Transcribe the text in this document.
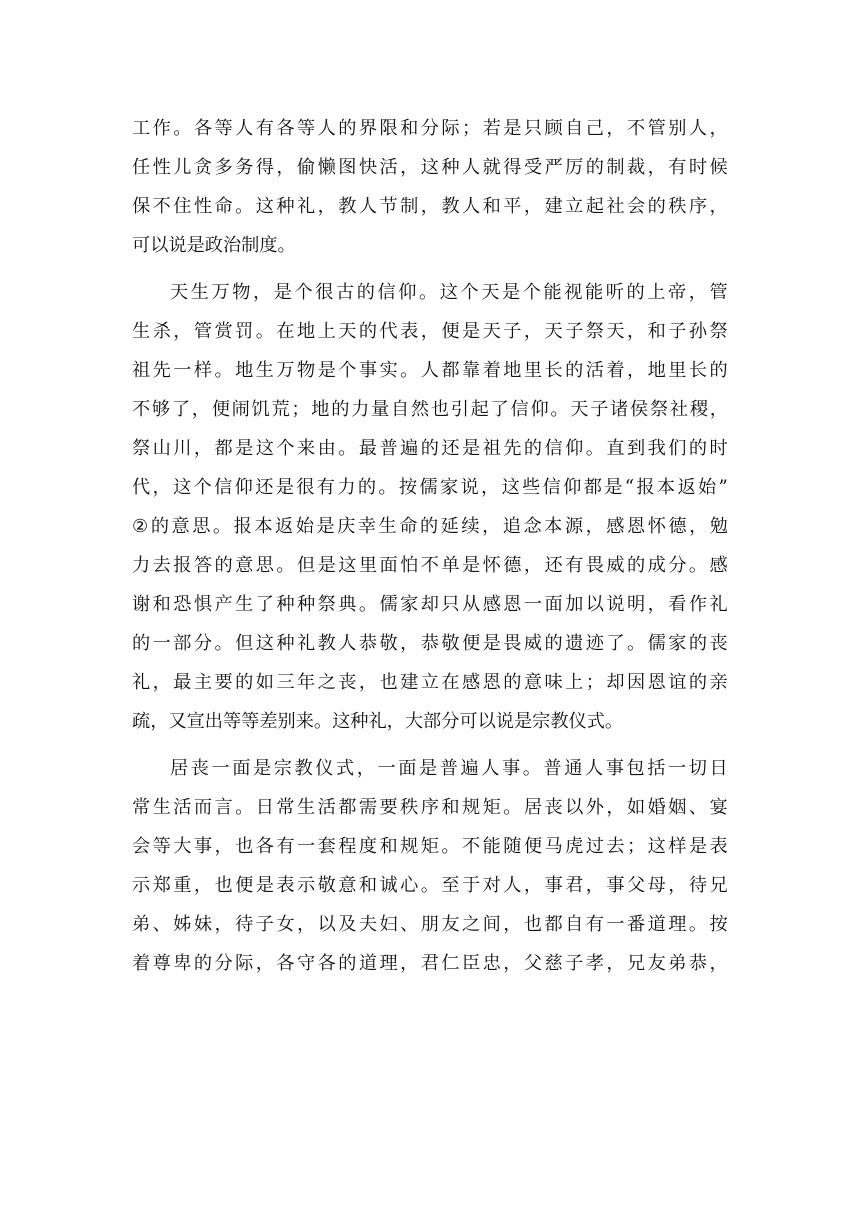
工 作 。 各 等 人 有 各 等 人 的 界 限 和 分 际 ； 若 是 只 顾 自 己 ， 不 管 别 人 ，

任 性 儿 贪 多 务 得 ， 偷 懒 图 快 活 ， 这 种 人 就 得 受 严 厉 的 制 裁 ， 有 时 候

保 不 住 性 命 。 这 种 礼 ， 教 人 节 制 ， 教 人 和 平 ， 建 立 起 社 会 的 秩 序 ，

可以说是政治制度。

天 生 万 物 ， 是 个 很 古 的 信 仰 。 这 个 天 是 个 能 视 能 听 的 上 帝 ， 管

生 杀 ， 管 赏 罚 。 在 地 上 天 的 代 表 ， 便 是 天 子 ， 天 子 祭 天 ， 和 子 孙 祭

祖 先 一 样 。 地 生 万 物 是 个 事 实 。 人 都 靠 着 地 里 长 的 活 着 ， 地 里 长 的

不 够 了 ， 便 闹 饥 荒 ； 地 的 力 量 自 然 也 引 起 了 信 仰 。 天 子 诸 侯 祭 社 稷 ，

祭 山 川 ， 都 是 这 个 来 由 。 最 普 遍 的 还 是 祖 先 的 信 仰 。 直 到 我 们 的 时

代 ， 这 个 信 仰 还 是 很 有 力 的 。 按 儒 家 说 ， 这 些 信 仰 都 是 “ 报 本 返 始 ”

② 的 意 思 。 报 本 返 始 是 庆 幸 生 命 的 延 续 ， 追 念 本 源 ， 感 恩 怀 德 ， 勉

力 去 报 答 的 意 思 。 但 是 这 里 面 怕 不 单 是 怀 德 ， 还 有 畏 威 的 成 分 。 感

谢 和 恐 惧 产 生 了 种 种 祭 典 。 儒 家 却 只 从 感 恩 一 面 加 以 说 明 ， 看 作 礼

的 一 部 分 。 但 这 种 礼 教 人 恭 敬 ， 恭 敬 便 是 畏 威 的 遗 迹 了 。 儒 家 的 丧

礼 ， 最 主 要 的 如 三 年 之 丧 ， 也 建 立 在 感 恩 的 意 味 上 ； 却 因 恩 谊 的 亲

疏，又宣出等等差别来。这种礼，大部分可以说是宗教仪式。

居 丧 一 面 是 宗 教 仪 式 ， 一 面 是 普 遍 人 事 。 普 通 人 事 包 括 一 切 日

常 生 活 而 言 。 日 常 生 活 都 需 要 秩 序 和 规 矩 。 居 丧 以 外 ， 如 婚 姻 、 宴

会 等 大 事 ， 也 各 有 一 套 程 度 和 规 矩 。 不 能 随 便 马 虎 过 去 ； 这 样 是 表

示 郑 重 ， 也 便 是 表 示 敬 意 和 诚 心 。 至 于 对 人 ， 事 君 ， 事 父 母 ， 待 兄

弟 、 姊 妹 ， 待 子 女 ， 以 及 夫 妇 、 朋 友 之 间 ， 也 都 自 有 一 番 道 理 。 按

着 尊 卑 的 分 际 ， 各 守 各 的 道 理 ， 君 仁 臣 忠 ， 父 慈 子 孝 ， 兄 友 弟 恭 ，
